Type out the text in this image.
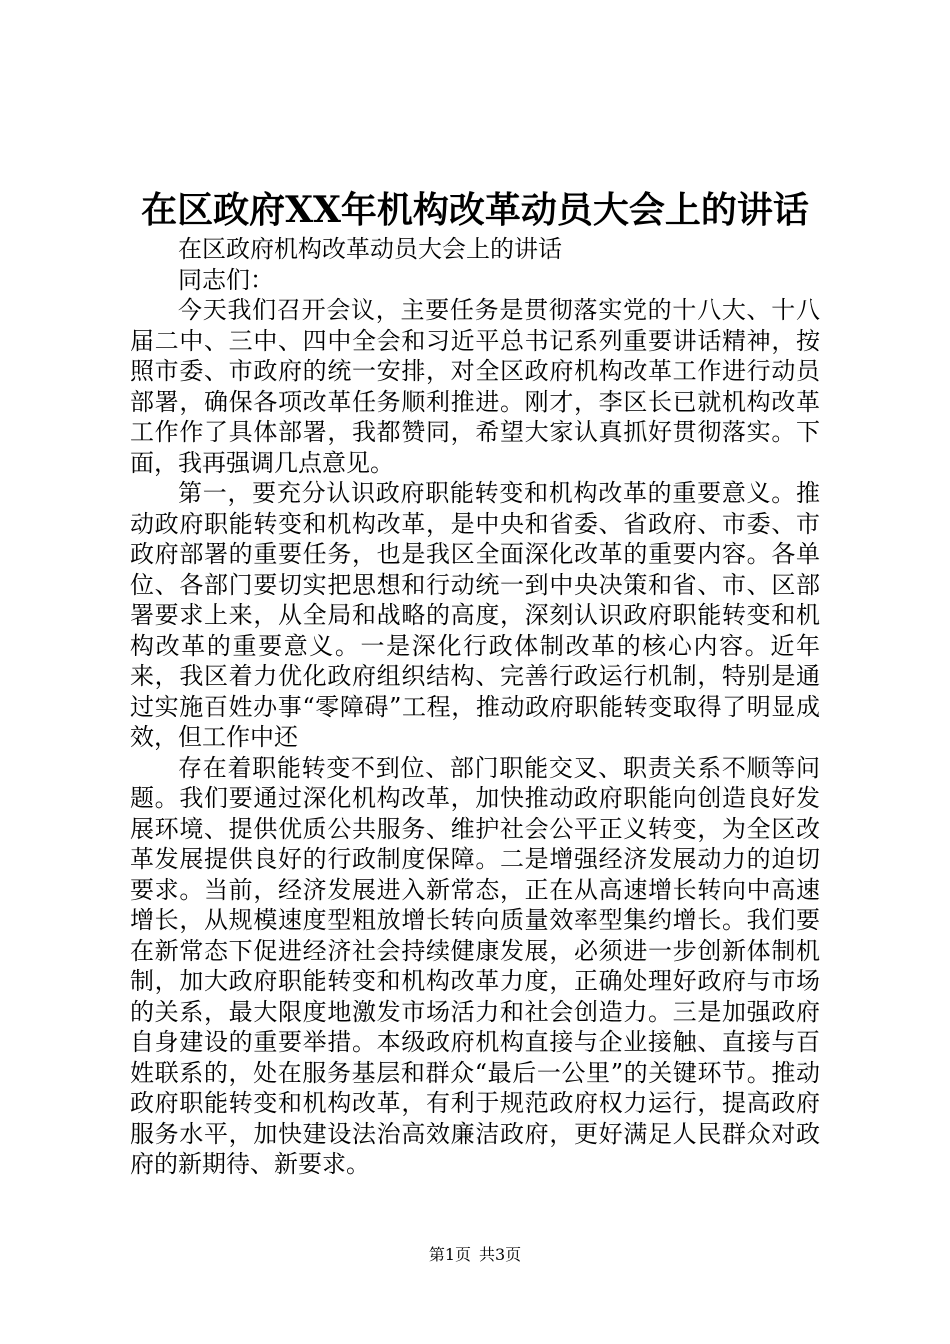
在区政府XX年机构改革动员大会上的讲话

在区政府机构改革动员大会上的讲话

同志们：

今天我们召开会议，主要任务是贯彻落实党的十八大、十八届二中、三中、四中全会和习近平总书记系列重要讲话精神，按照市委、市政府的统一安排，对全区政府机构改革工作进行动员部署，确保各项改革任务顺利推进。刚才，李区长已就机构改革工作作了具体部署，我都赞同，希望大家认真抓好贯彻落实。下面，我再强调几点意见。

第一，要充分认识政府职能转变和机构改革的重要意义。推动政府职能转变和机构改革，是中央和省委、省政府、市委、市政府部署的重要任务，也是我区全面深化改革的重要内容。各单位、各部门要切实把思想和行动统一到中央决策和省、市、区部署要求上来，从全局和战略的高度，深刻认识政府职能转变和机构改革的重要意义。一是深化行政体制改革的核心内容。近年来，我区着力优化政府组织结构、完善行政运行机制，特别是通过实施百姓办事“零障碍”工程，推动政府职能转变取得了明显成效，但工作中还

存在着职能转变不到位、部门职能交叉、职责关系不顺等问题。我们要通过深化机构改革，加快推动政府职能向创造良好发展环境、提供优质公共服务、维护社会公平正义转变，为全区改革发展提供良好的行政制度保障。二是增强经济发展动力的迫切要求。当前，经济发展进入新常态，正在从高速增长转向中高速增长，从规模速度型粗放增长转向质量效率型集约增长。我们要在新常态下促进经济社会持续健康发展，必须进一步创新体制机制，加大政府职能转变和机构改革力度，正确处理好政府与市场的关系，最大限度地激发市场活力和社会创造力。三是加强政府自身建设的重要举措。本级政府机构直接与企业接触、直接与百姓联系的，处在服务基层和群众“最后一公里”的关键环节。推动政府职能转变和机构改革，有利于规范政府权力运行，提高政府服务水平，加快建设法治高效廉洁政府，更好满足人民群众对政府的新期待、新要求。

第1页 共3页
